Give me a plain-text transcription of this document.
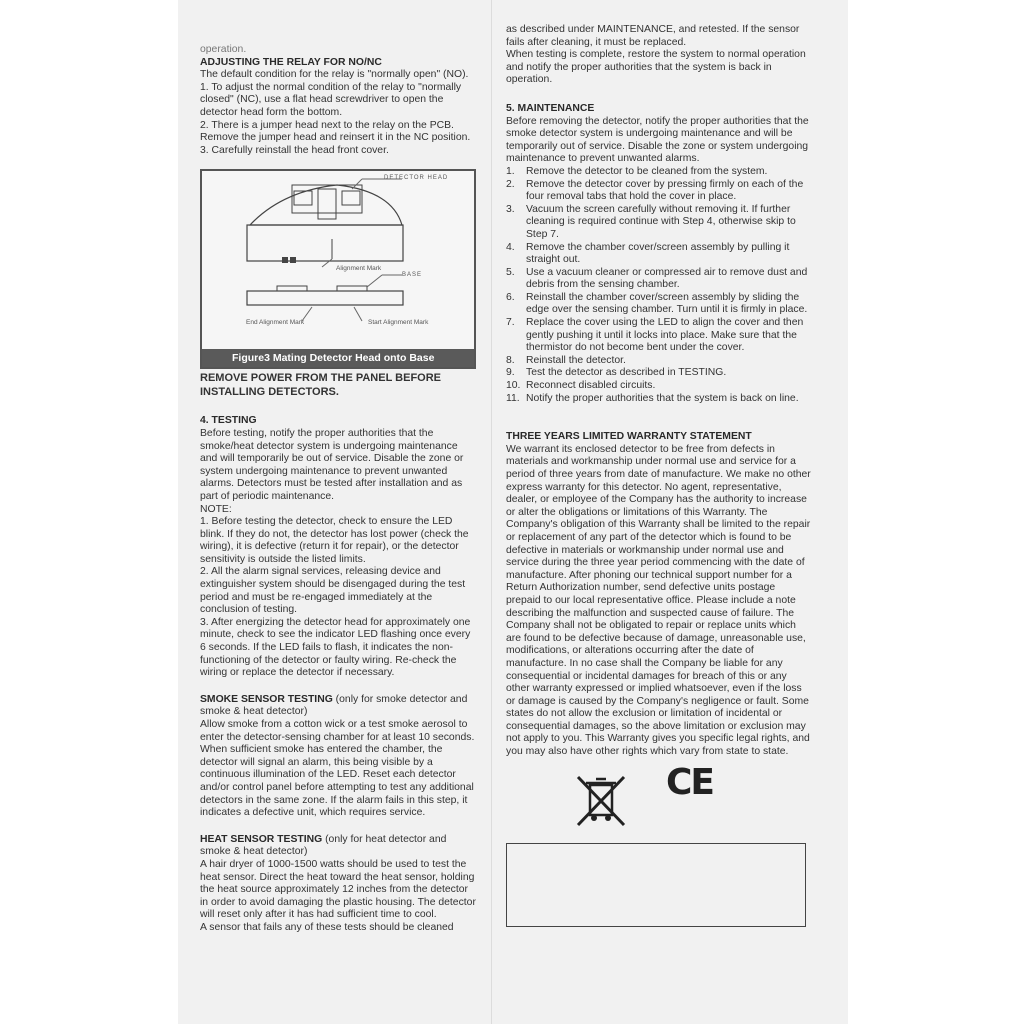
operation.

ADJUSTING THE RELAY FOR NO/NC

The default condition for the relay is "normally open" (NO).

1. To adjust the normal condition of the relay to "normally closed" (NC), use a flat head screwdriver to open the detector head form the bottom.

2. There is a jumper head next to the relay on the PCB. Remove the jumper head and reinsert it in the NC position.

3. Carefully reinstall the head front cover.

DETECTOR HEAD
Alignment Mark
BASE
End Alignment Mark	Start Alignment Mark
Figure3 Mating Detector Head onto Base

REMOVE POWER FROM THE PANEL BEFORE INSTALLING DETECTORS.

4. TESTING

Before testing, notify the proper authorities that the smoke/heat detector system is undergoing maintenance and will temporarily be out of service. Disable the zone or system undergoing maintenance to prevent unwanted alarms. Detectors must be tested after installation and as part of periodic maintenance.

NOTE:

1. Before testing the detector, check to ensure the LED blink. If they do not, the detector has lost power (check the wiring), it is defective (return it for repair), or the detector sensitivity is outside the listed limits.

2. All the alarm signal services, releasing device and extinguisher system should be disengaged during the test period and must be re-engaged immediately at the conclusion of testing.

3. After energizing the detector head for approximately one minute, check to see the indicator LED flashing once every 6 seconds. If the LED fails to flash, it indicates the non-functioning of the detector or faulty wiring. Re-check the wiring or replace the detector if necessary.

SMOKE SENSOR TESTING (only for smoke detector and smoke & heat detector)

Allow smoke from a cotton wick or a test smoke aerosol to enter the detector-sensing chamber for at least 10 seconds. When sufficient smoke has entered the chamber, the detector will signal an alarm, this being visible by a continuous illumination of the LED. Reset each detector and/or control panel before attempting to test any additional detectors in the same zone. If the alarm fails in this step, it indicates a defective unit, which requires service.

HEAT SENSOR TESTING (only for heat detector and smoke & heat detector)

A hair dryer of 1000-1500 watts should be used to test the heat sensor. Direct the heat toward the heat sensor, holding the heat source approximately 12 inches from the detector in order to avoid damaging the plastic housing. The detector will reset only after it has had sufficient time to cool.

A sensor that fails any of these tests should be cleaned

as described under MAINTENANCE, and retested. If the sensor fails after cleaning, it must be replaced.

When testing is complete, restore the system to normal operation and notify the proper authorities that the system is back in operation.

5. MAINTENANCE

Before removing the detector, notify the proper authorities that the smoke detector system is undergoing maintenance and will be temporarily out of service. Disable the zone or system undergoing maintenance to prevent unwanted alarms.

1.	Remove the detector to be cleaned from the system.
2.	Remove the detector cover by pressing firmly on each of the four removal tabs that hold the cover in place.
3.	Vacuum the screen carefully without removing it. If further cleaning is required continue with Step 4, otherwise skip to Step 7.
4.	Remove the chamber cover/screen assembly by pulling it straight out.
5.	Use a vacuum cleaner or compressed air to remove dust and debris from the sensing chamber.
6.	Reinstall the chamber cover/screen assembly by sliding the edge over the sensing chamber. Turn until it is firmly in place.
7.	Replace the cover using the LED to align the cover and then gently pushing it until it locks into place. Make sure that the thermistor do not become bent under the cover.
8.	Reinstall the detector.
9.	Test the detector as described in TESTING.
10. Reconnect disabled circuits.
11. Notify the proper authorities that the system is back on line.

THREE YEARS LIMITED WARRANTY STATEMENT

We warrant its enclosed detector to be free from defects in materials and workmanship under normal use and service for a period of three years from date of manufacture. We make no other express warranty for this detector. No agent, representative, dealer, or employee of the Company has the authority to increase or alter the obligations or limitations of this Warranty. The Company's obligation of this Warranty shall be limited to the repair or replacement of any part of the detector which is found to be defective in materials or workmanship under normal use and service during the three year period commencing with the date of manufacture. After phoning our technical support number for a Return Authorization number, send defective units postage prepaid to our local representative office. Please include a note describing the malfunction and suspected cause of failure. The Company shall not be obligated to repair or replace units which are found to be defective because of damage, unreasonable use, modifications, or alterations occurring after the date of manufacture. In no case shall the Company be liable for any consequential or incidental damages for breach of this or any other warranty expressed or implied whatsoever, even if the loss or damage is caused by the Company's negligence or fault. Some states do not allow the exclusion or limitation of incidental or consequential damages, so the above limitation or exclusion may not apply to you. This Warranty gives you specific legal rights, and you may also have other rights which vary from state to state.

CE
